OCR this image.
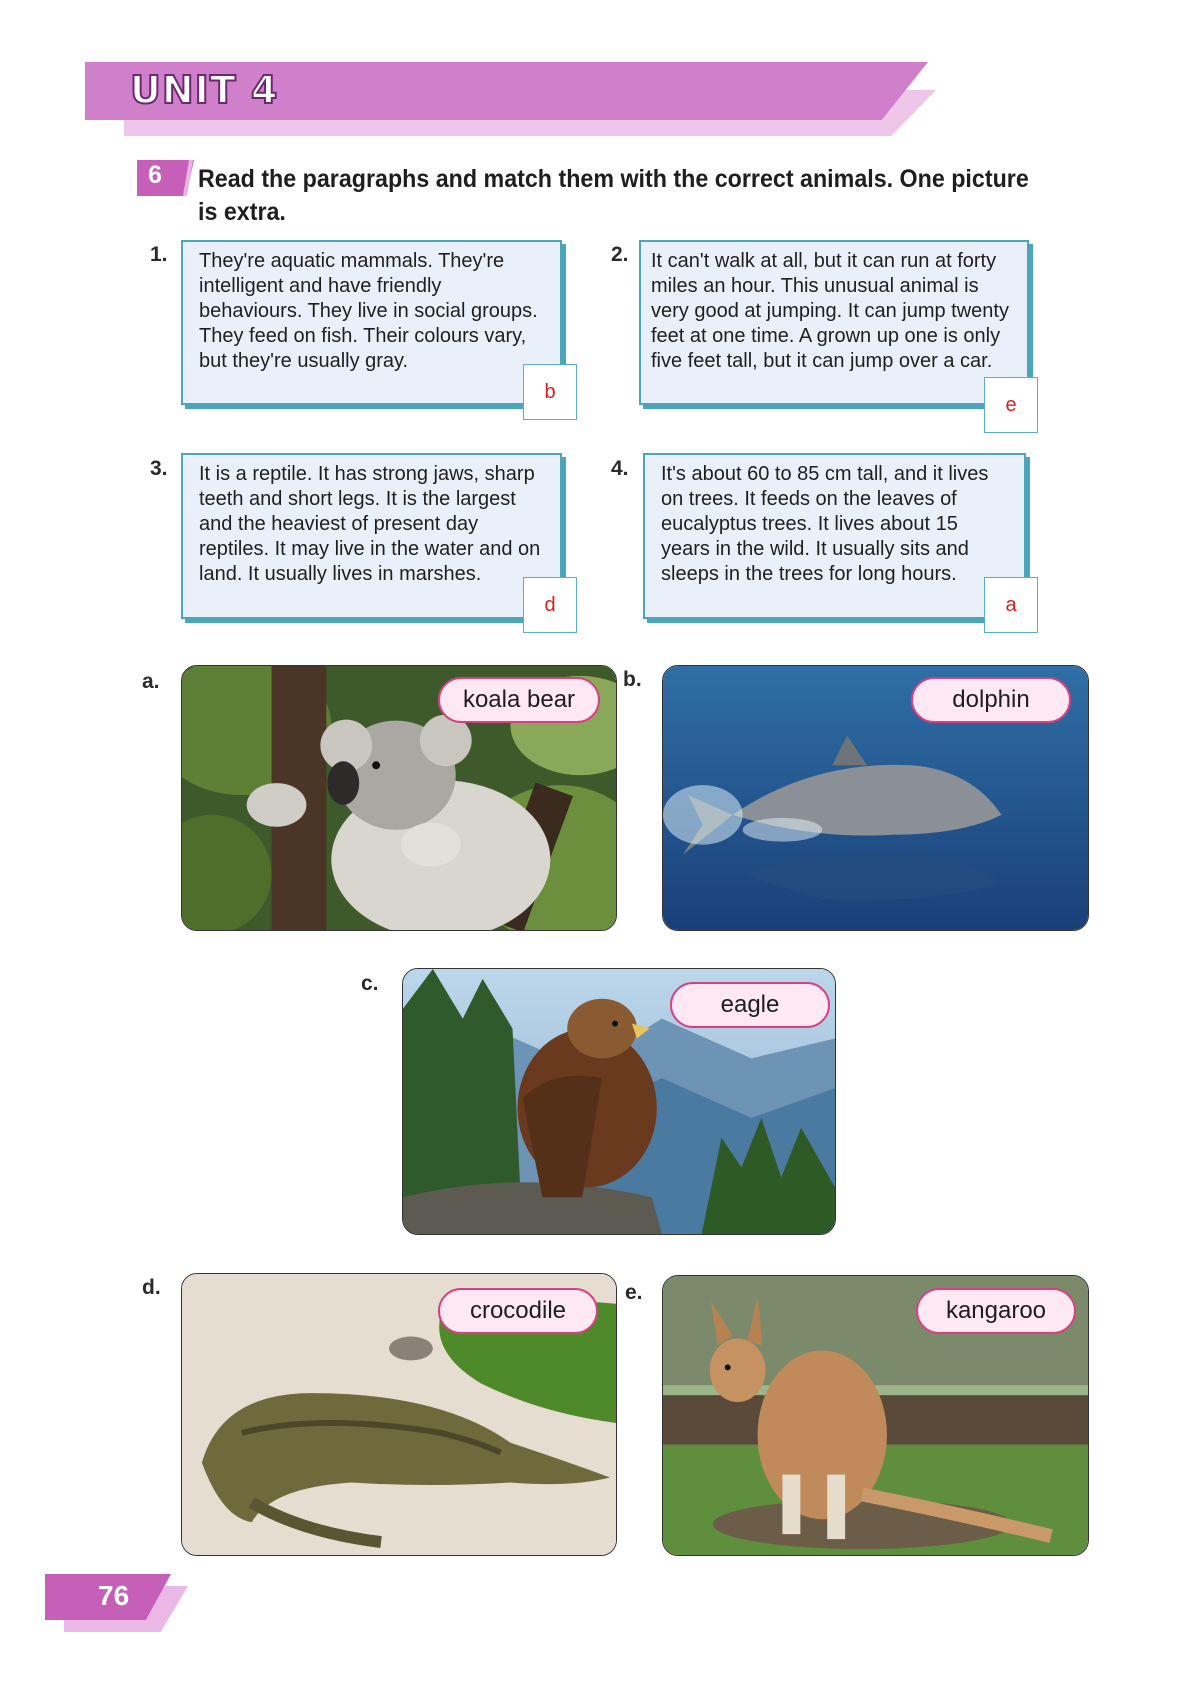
UNIT 4
6 Read the paragraphs and match them with the correct animals. One picture is extra.
1. They're aquatic mammals. They're intelligent and have friendly behaviours. They live in social groups. They feed on fish. Their colours vary, but they're usually gray.

b
2. It can't walk at all, but it can run at forty miles an hour. This unusual animal is very good at jumping. It can jump twenty feet at one time. A grown up one is only five feet tall, but it can jump over a car.

e
3. It is a reptile. It has strong jaws, sharp teeth and short legs. It is the largest and the heaviest of present day reptiles. It may live in the water and on land. It usually lives in marshes.

d
4. It's about 60 to 85 cm tall, and it lives on trees. It feeds on the leaves of eucalyptus trees. It lives about 15 years in the wild. It usually sits and sleeps in the trees for long hours.

a
a.
koala bear
b.
dolphin
c.
eagle
d.
crocodile
e.
kangaroo
76
